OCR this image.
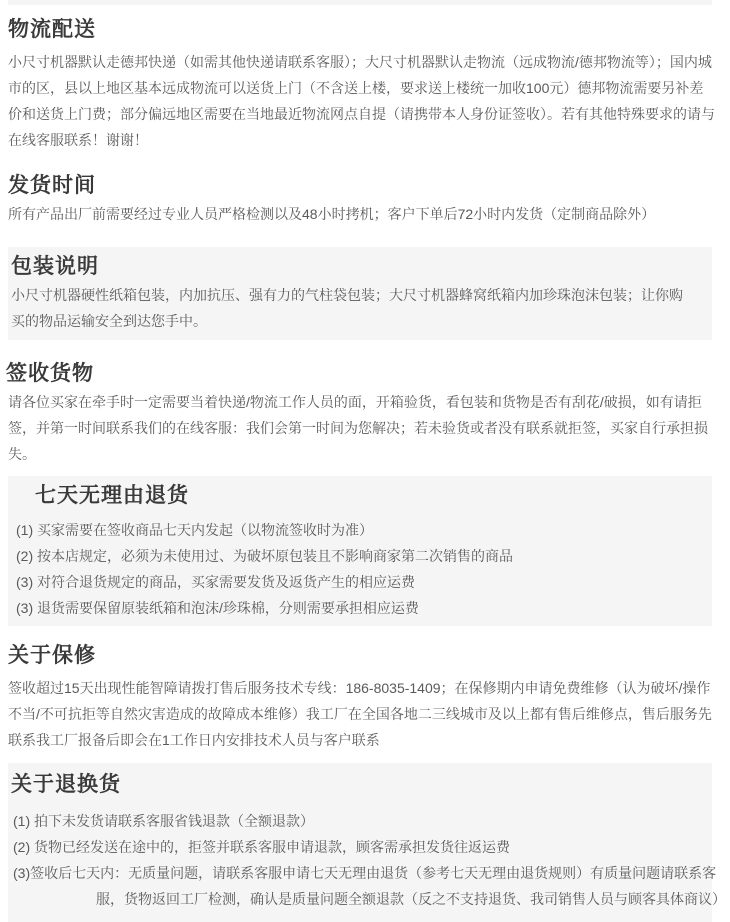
物流配送

小尺寸机器默认走德邦快递（如需其他快递请联系客服）；大尺寸机器默认走物流（远成物流/德邦物流等）；国内城市的区，县以上地区基本远成物流可以送货上门（不含送上楼，要求送上楼统一加收100元）德邦物流需要另补差价和送货上门费；部分偏远地区需要在当地最近物流网点自提（请携带本人身份证签收）。若有其他特殊要求的请与在线客服联系！谢谢！

发货时间

所有产品出厂前需要经过专业人员严格检测以及48小时拷机；客户下单后72小时内发货（定制商品除外）

包装说明

小尺寸机器硬性纸箱包装，内加抗压、强有力的气柱袋包装；大尺寸机器蜂窝纸箱内加珍珠泡沫包装；让你购买的物品运输安全到达您手中。

签收货物

请各位买家在牵手时一定需要当着快递/物流工作人员的面，开箱验货，看包装和货物是否有刮花/破损，如有请拒签，并第一时间联系我们的在线客服：我们会第一时间为您解决；若未验货或者没有联系就拒签，买家自行承担损失。

七天无理由退货
(1) 买家需要在签收商品七天内发起（以物流签收时为准）
(2) 按本店规定，必须为未使用过、为破坏原包装且不影响商家第二次销售的商品
(3) 对符合退货规定的商品，买家需要发货及返货产生的相应运费
(3) 退货需要保留原装纸箱和泡沫/珍珠棉，分则需要承担相应运费
关于保修

签收超过15天出现性能智障请拨打售后服务技术专线：186-8035-1409；在保修期内申请免费维修（认为破坏/操作不当/不可抗拒等自然灾害造成的故障成本维修）我工厂在全国各地二三线城市及以上都有售后维修点，售后服务先联系我工厂报备后即会在1工作日内安排技术人员与客户联系

关于退换货
(1) 拍下未发货请联系客服省钱退款（全额退款）
(2) 货物已经发送在途中的，拒签并联系客服申请退款，顾客需承担发货往返运费
(3)签收后七天内：无质量问题，请联系客服申请七天无理由退货（参考七天无理由退货规则）有质量问题请联系客
服，货物返回工厂检测，确认是质量问题全额退款（反之不支持退货、我司销售人员与顾客具体商议）
